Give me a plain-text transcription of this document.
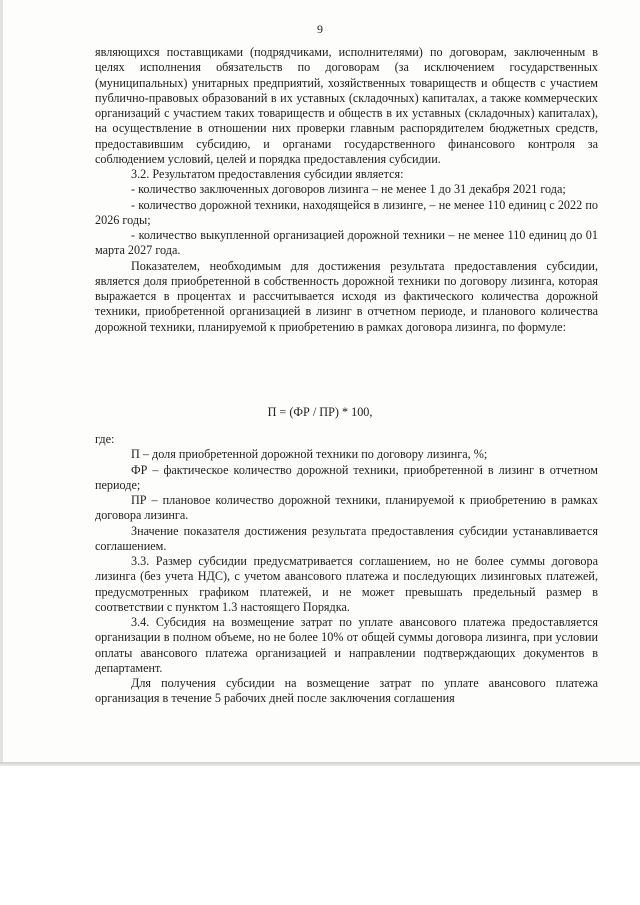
9

являющихся поставщиками (подрядчиками, исполнителями) по договорам, заключенным в целях исполнения обязательств по договорам (за исключением государственных (муниципальных) унитарных предприятий, хозяйственных товариществ и обществ с участием публично-правовых образований в их уставных (складочных) капиталах, а также коммерческих организаций с участием таких товариществ и обществ в их уставных (складочных) капиталах), на осуществление в отношении них проверки главным распорядителем бюджетных средств, предоставившим субсидию, и органами государственного финансового контроля за соблюдением условий, целей и порядка предоставления субсидии.

3.2. Результатом предоставления субсидии является:

- количество заключенных договоров лизинга – не менее 1 до 31 декабря 2021 года;

- количество дорожной техники, находящейся в лизинге, – не менее 110 единиц с 2022 по 2026 годы;

- количество выкупленной организацией дорожной техники – не менее 110 единиц до 01 марта 2027 года.

Показателем, необходимым для достижения результата предоставления субсидии, является доля приобретенной в собственность дорожной техники по договору лизинга, которая выражается в процентах и рассчитывается исходя из фактического количества дорожной техники, приобретенной организацией в лизинг в отчетном периоде, и планового количества дорожной техники, планируемой к приобретению в рамках договора лизинга, по формуле:

П = (ФР / ПР) * 100,

где:

П – доля приобретенной дорожной техники по договору лизинга, %;

ФР – фактическое количество дорожной техники, приобретенной в лизинг в отчетном периоде;

ПР – плановое количество дорожной техники, планируемой к приобретению в рамках договора лизинга.

Значение показателя достижения результата предоставления субсидии устанавливается соглашением.

3.3. Размер субсидии предусматривается соглашением, но не более суммы договора лизинга (без учета НДС), с учетом авансового платежа и последующих лизинговых платежей, предусмотренных графиком платежей, и не может превышать предельный размер в соответствии с пунктом 1.3 настоящего Порядка.

3.4. Субсидия на возмещение затрат по уплате авансового платежа предоставляется организации в полном объеме, но не более 10% от общей суммы договора лизинга, при условии оплаты авансового платежа организацией и направлении подтверждающих документов в департамент.

Для получения субсидии на возмещение затрат по уплате авансового платежа организация в течение 5 рабочих дней после заключения соглашения
